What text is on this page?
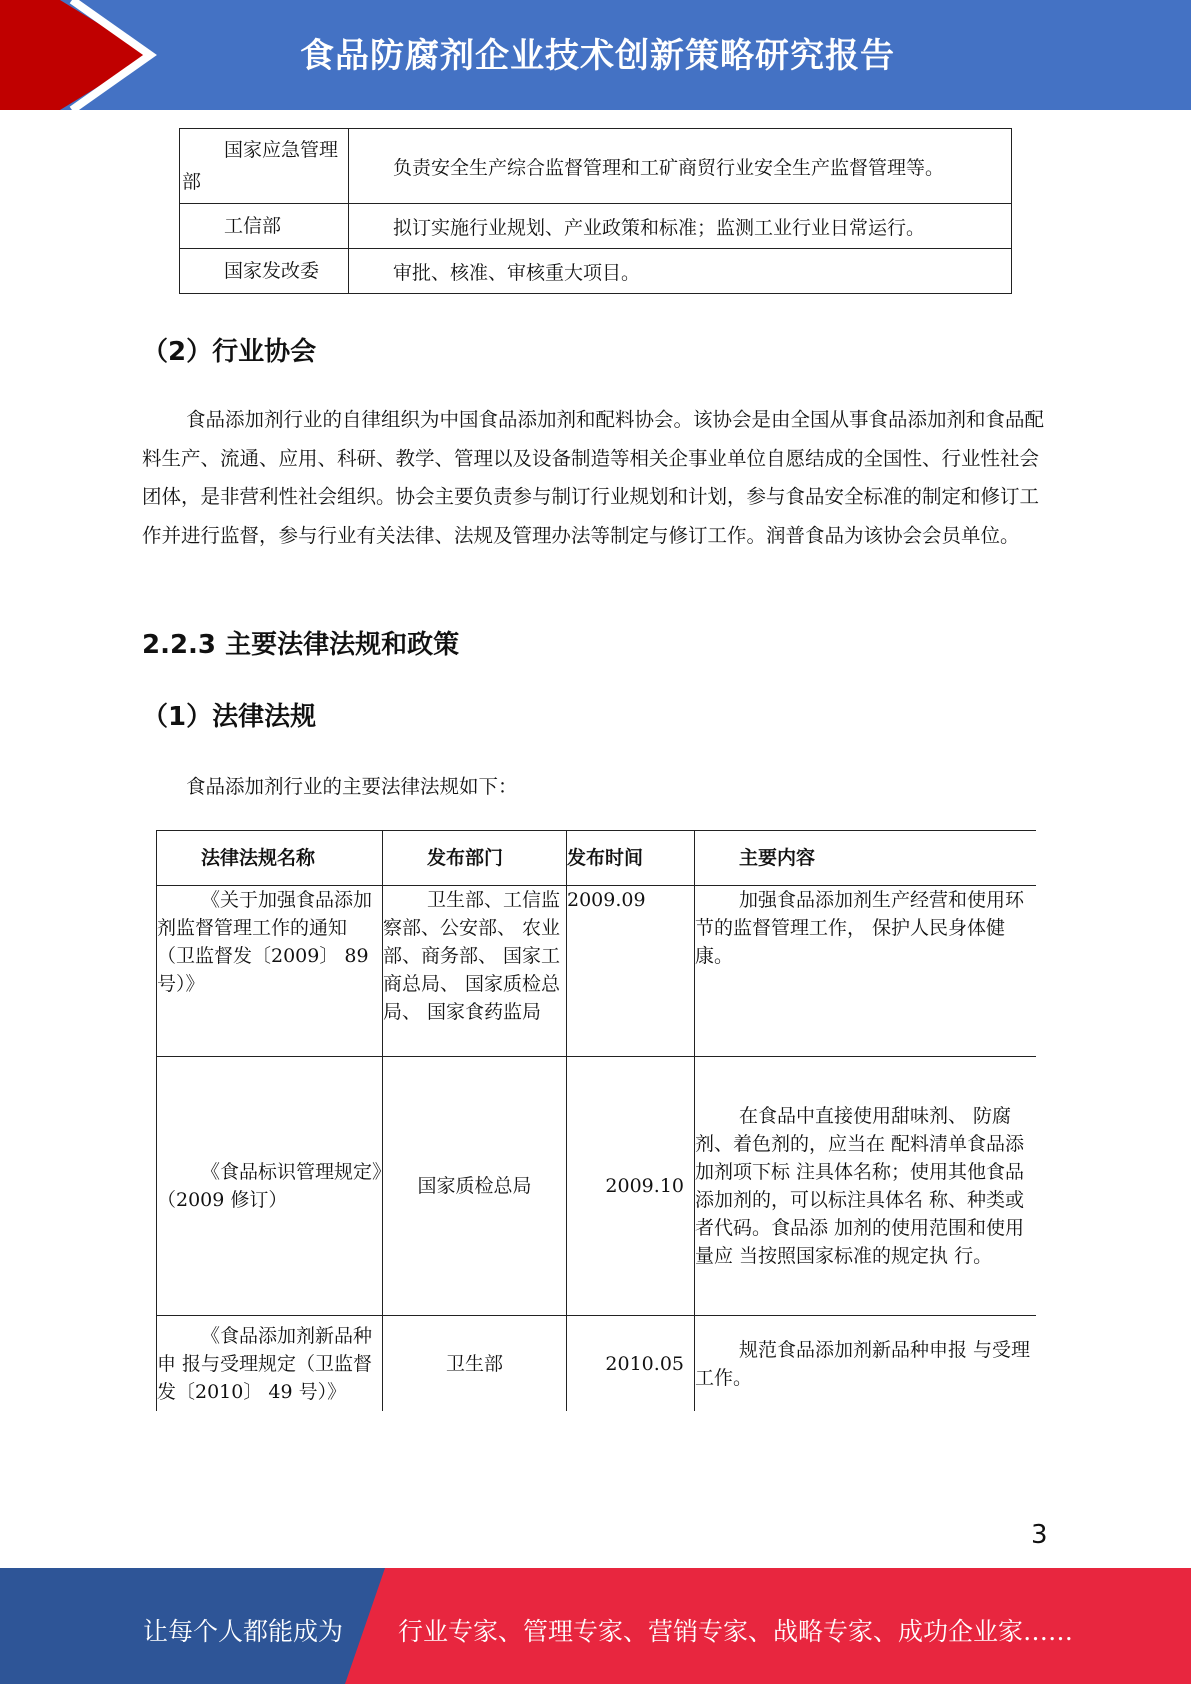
食品防腐剂企业技术创新策略研究报告
国家应急管理
部	负责安全生产综合监督管理和工矿商贸行业安全生产监督管理等。
工信部	拟订实施行业规划、产业政策和标准；监测工业行业日常运行。
国家发改委	审批、核准、审核重大项目。
（2）行业协会

食品添加剂行业的自律组织为中国食品添加剂和配料协会。该协会是由全国从事食品添加剂和食品配料生产、流通、应用、科研、教学、管理以及设备制造等相关企事业单位自愿结成的全国性、行业性社会团体，是非营利性社会组织。协会主要负责参与制订行业规划和计划，参与食品安全标准的制定和修订工作并进行监督，参与行业有关法律、法规及管理办法等制定与修订工作。润普食品为该协会会员单位。

2.2.3 主要法律法规和政策
（1）法律法规
食品添加剂行业的主要法律法规如下：
法律法规名称	发布部门	发布时间	主要内容
《关于加强食品添加剂监督管理工作的通知（卫监督发〔2009〕 89号）》	卫生部、工信监察部、公安部、 农业部、商务部、 国家工商总局、 国家质检总局、 国家食药监局	2009.09	加强食品添加剂生产经营和使用环节的监督管理工作， 保护人民身体健康。
《食品标识管理规定》（2009 修订）	国家质检总局	2009.10	在食品中直接使用甜味剂、 防腐剂、着色剂的，应当在 配料清单食品添加剂项下标 注具体名称；使用其他食品 添加剂的，可以标注具体名 称、种类或者代码。食品添 加剂的使用范围和使用量应 当按照国家标准的规定执 行。
《食品添加剂新品种申 报与受理规定（卫监督发〔2010〕 49 号）》	卫生部	2010.05	规范食品添加剂新品种申报 与受理工作。
3
让每个人都能成为 行业专家、管理专家、营销专家、战略专家、成功企业家……
